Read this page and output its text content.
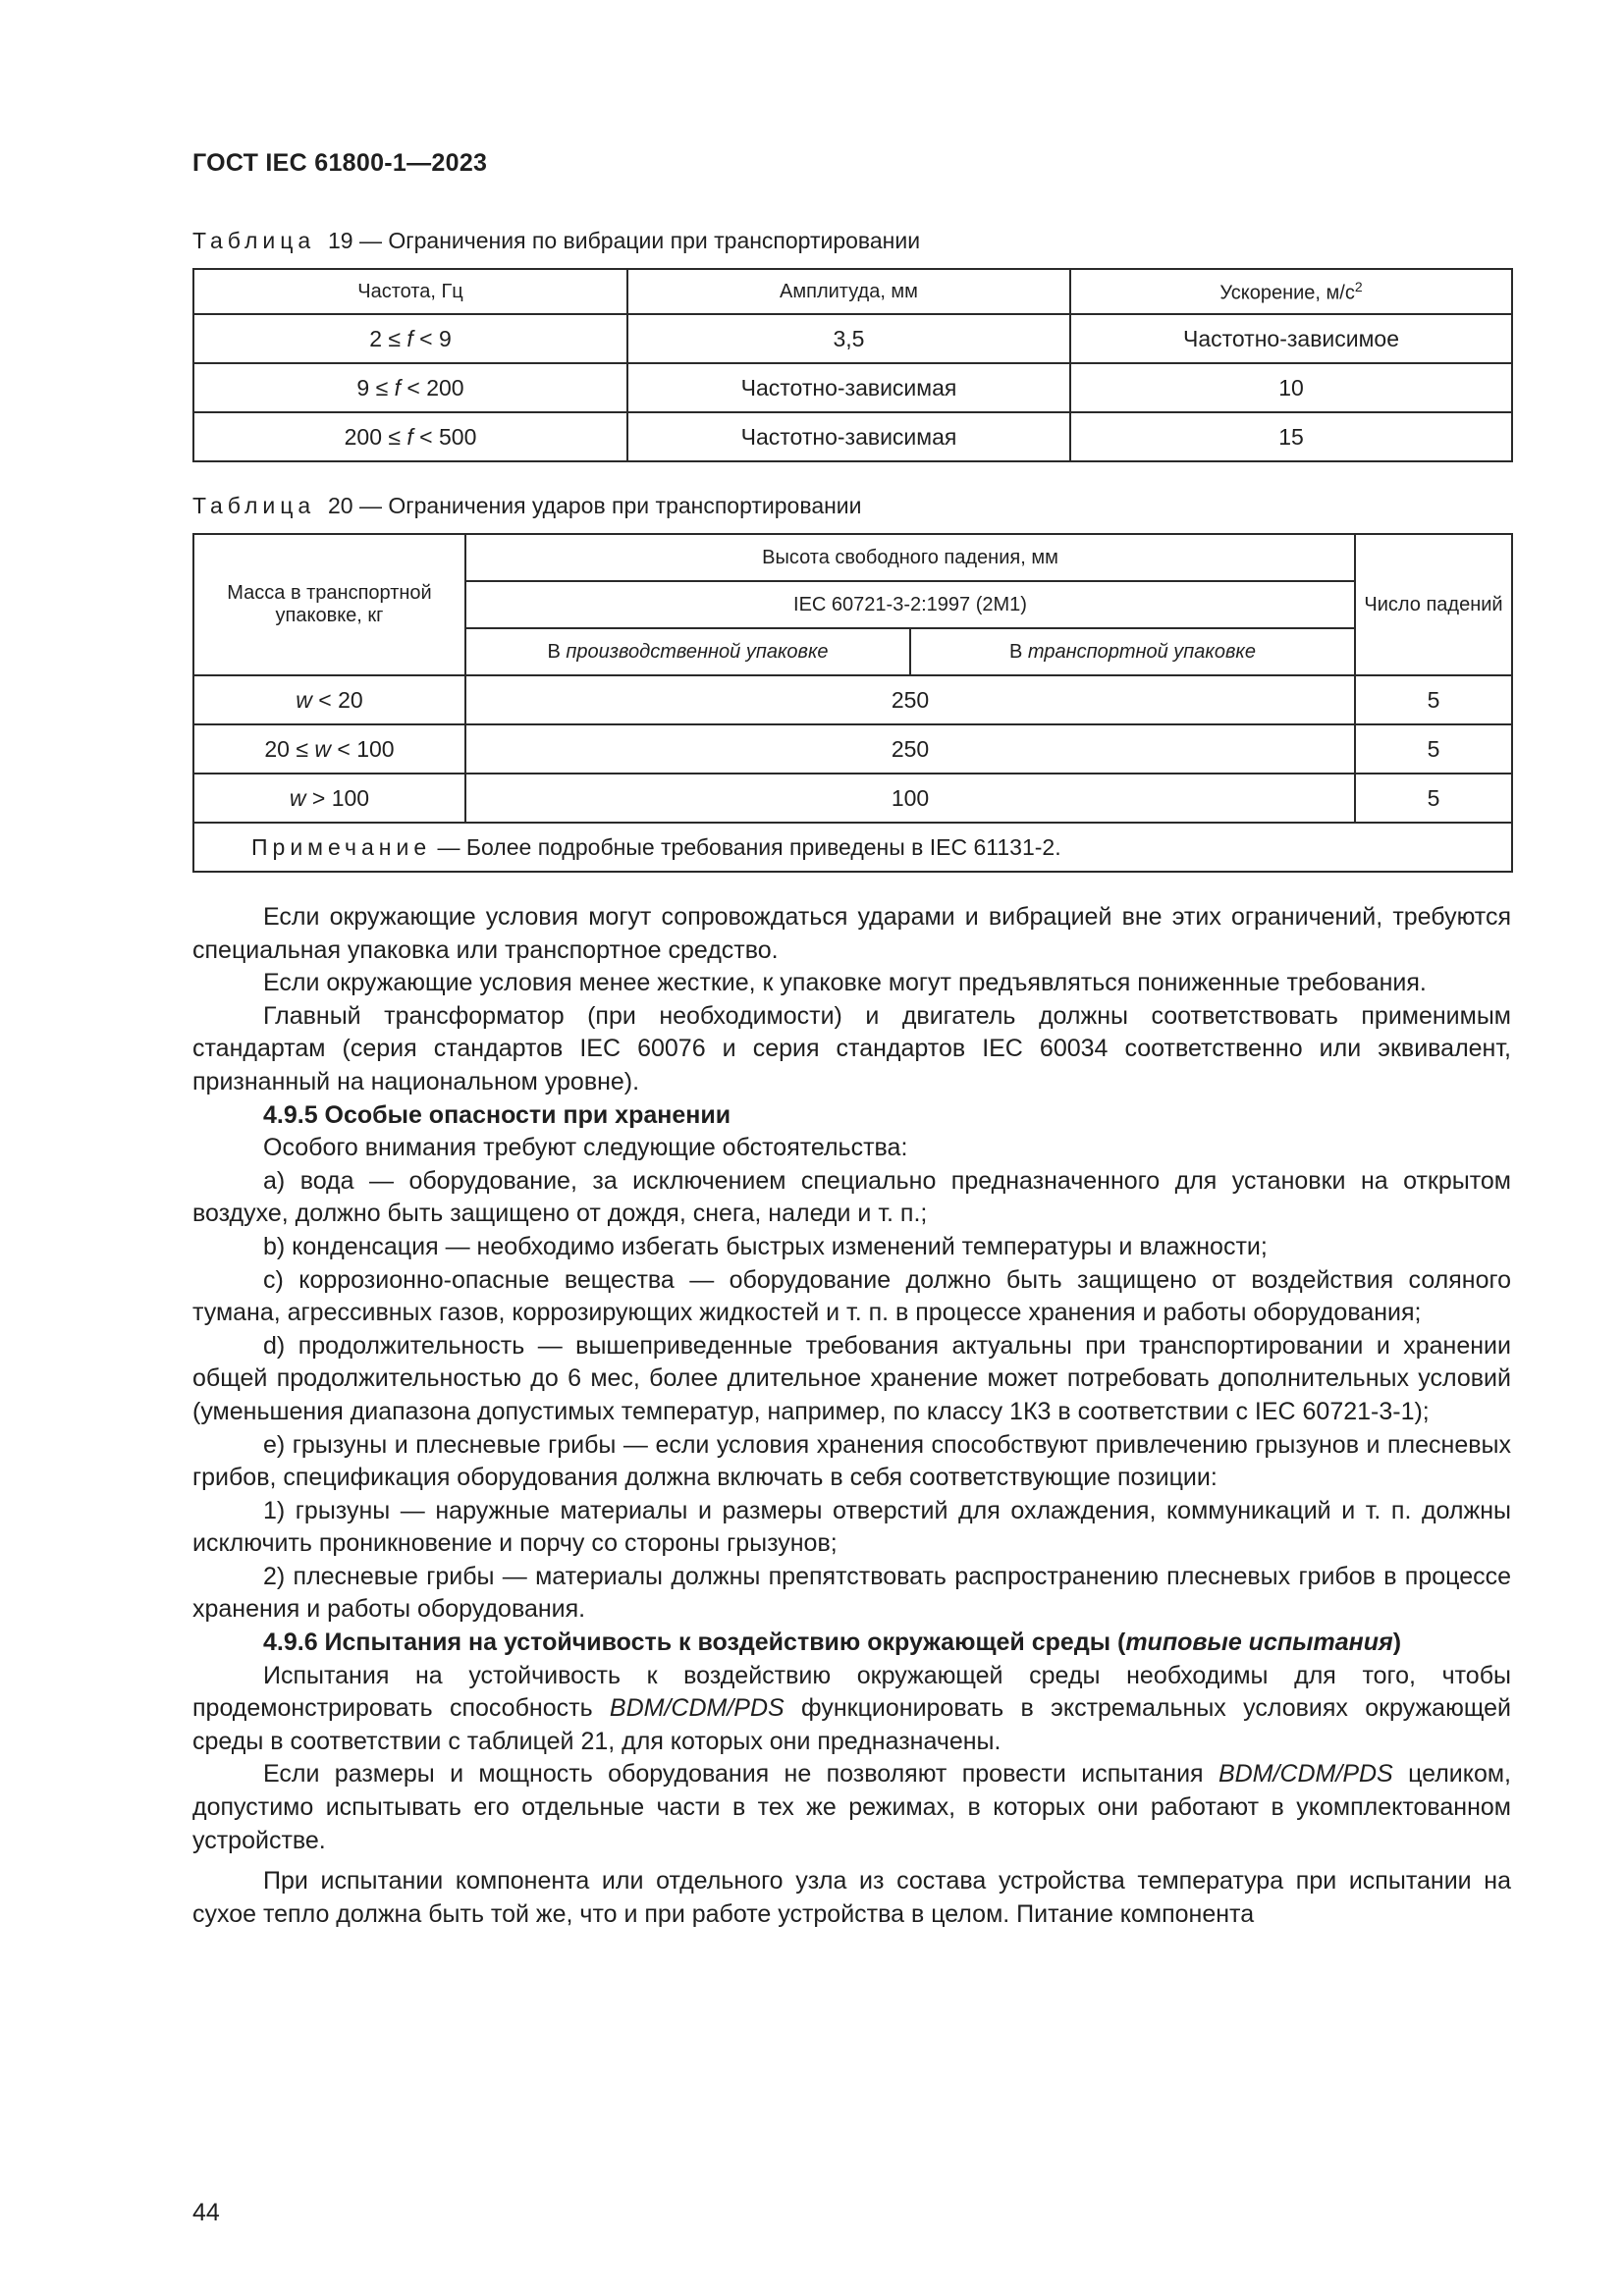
ГОСТ IEC 61800-1—2023
Таблица 19 — Ограничения по вибрации при транспортировании
Частота, Гц	Амплитуда, мм	Ускорение, $м/с^2$
2 ≤ f < 9	3,5	Частотно-зависимое
9 ≤ f < 200	Частотно-зависимая	10
200 ≤ f < 500	Частотно-зависимая	15
Таблица 20 — Ограничения ударов при транспортировании
Масса в транспортной упаковке, кг	Высота свободного падения, мм		Число падений
	IEC 60721-3-2:1997 (2M1)		
	В производственной упаковке	В транспортной упаковке	
w < 20	250		5
20 ≤ w < 100	250		5
w > 100	100		5
Примечание — Более подробные требования приведены в IEC 61131-2.			

Если окружающие условия могут сопровождаться ударами и вибрацией вне этих ограничений, требуются специальная упаковка или транспортное средство.

Если окружающие условия менее жесткие, к упаковке могут предъявляться пониженные требования.

Главный трансформатор (при необходимости) и двигатель должны соответствовать применимым стандартам (серия стандартов IEC 60076 и серия стандартов IEC 60034 соответственно или эквивалент, признанный на национальном уровне).

4.9.5 Особые опасности при хранении

Особого внимания требуют следующие обстоятельства:

a) вода — оборудование, за исключением специально предназначенного для установки на открытом воздухе, должно быть защищено от дождя, снега, наледи и т. п.;

b) конденсация — необходимо избегать быстрых изменений температуры и влажности;

c) коррозионно-опасные вещества — оборудование должно быть защищено от воздействия соляного тумана, агрессивных газов, коррозирующих жидкостей и т. п. в процессе хранения и работы оборудования;

d) продолжительность — вышеприведенные требования актуальны при транспортировании и хранении общей продолжительностью до 6 мес, более длительное хранение может потребовать дополнительных условий (уменьшения диапазона допустимых температур, например, по классу 1К3 в соответствии с IEC 60721-3-1);

e) грызуны и плесневые грибы — если условия хранения способствуют привлечению грызунов и плесневых грибов, спецификация оборудования должна включать в себя соответствующие позиции:

1) грызуны — наружные материалы и размеры отверстий для охлаждения, коммуникаций и т. п. должны исключить проникновение и порчу со стороны грызунов;

2) плесневые грибы — материалы должны препятствовать распространению плесневых грибов в процессе хранения и работы оборудования.

4.9.6 Испытания на устойчивость к воздействию окружающей среды (типовые испытания)

Испытания на устойчивость к воздействию окружающей среды необходимы для того, чтобы продемонстрировать способность BDM/CDM/PDS функционировать в экстремальных условиях окружающей среды в соответствии с таблицей 21, для которых они предназначены.

Если размеры и мощность оборудования не позволяют провести испытания BDM/CDM/PDS целиком, допустимо испытывать его отдельные части в тех же режимах, в которых они работают в укомплектованном устройстве.

При испытании компонента или отдельного узла из состава устройства температура при испытании на сухое тепло должна быть той же, что и при работе устройства в целом. Питание компонента

44
